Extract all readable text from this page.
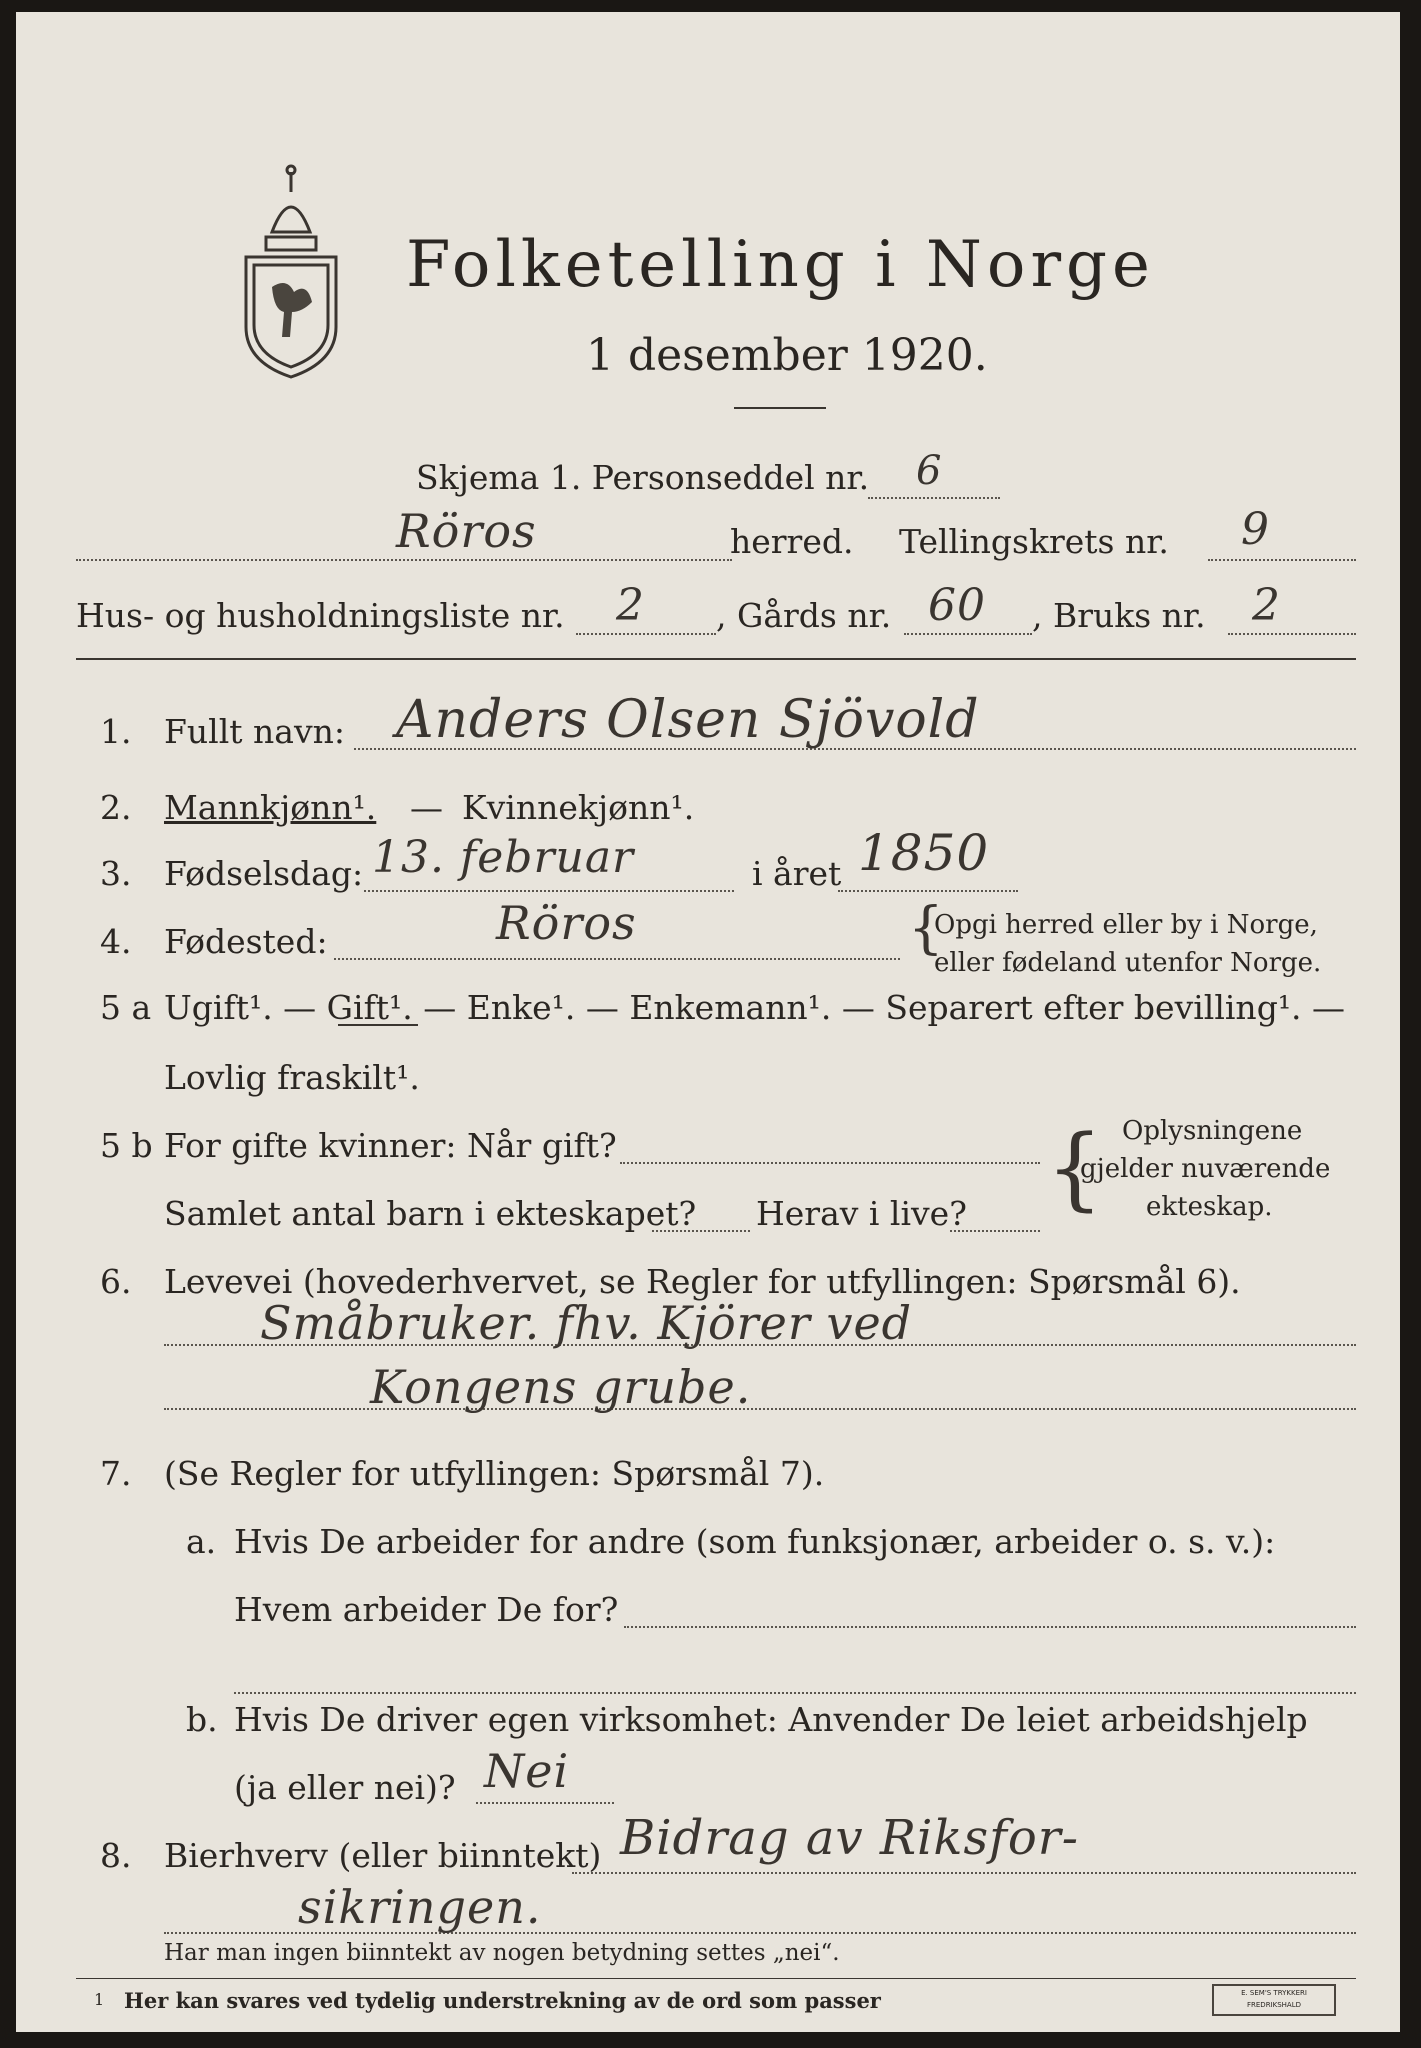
Folketelling i Norge
1 desember 1920.
Skjema 1. Personseddel nr. 6
Röros	herred. Tellingskrets nr. 9
Hus- og husholdningsliste nr. 2 , Gårds nr. 60 , Bruks nr. 2
1. Fullt navn: Anders Olsen Sjövold
2. Mannkjønn¹. — Kvinnekjønn¹.
3. Fødselsdag: 13. februar	i året 1850
4. Fødested:	Röros	{
Opgi herred eller by i Norge,
eller fødeland utenfor Norge.
5 a Ugift¹. — Gift¹. — Enke¹. — Enkemann¹. — Separert efter bevilling¹. —
Lovlig fraskilt¹.
5 b For gifte kvinner: Når gift?
Samlet antal barn i ekteskapet? Herav i live? { Oplysningene
gjelder nuværende
ekteskap.
6. Levevei (hovederhvervet, se Regler for utfyllingen: Spørsmål 6).
Småbruker. fhv. Kjörer ved
Kongens grube.
7. (Se Regler for utfyllingen: Spørsmål 7).
a. Hvis De arbeider for andre (som funksjonær, arbeider o. s. v.):
Hvem arbeider De for?
b. Hvis De driver egen virksomhet: Anvender De leiet arbeidshjelp
(ja eller nei)? Nei
8. Bierhverv (eller biinntekt) Bidrag av Riksfor-
sikringen.
Har man ingen biinntekt av nogen betydning settes „nei“.
1 Her kan svares ved tydelig understrekning av de ord som passer	E. SEM'S TRYKKERI FREDRIKSHALD
